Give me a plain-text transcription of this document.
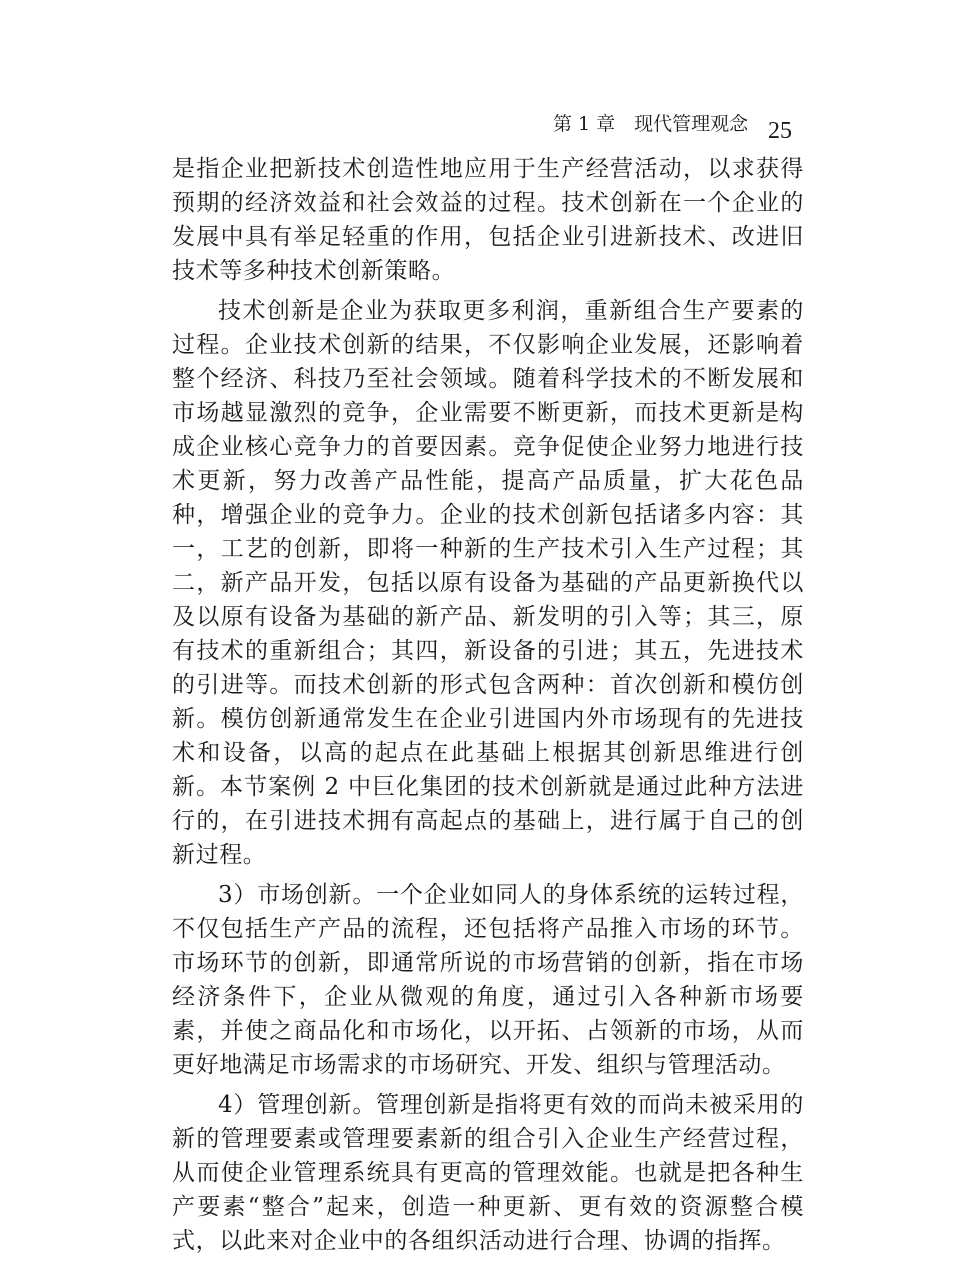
第 1 章　现代管理观念 25

是指企业把新技术创造性地应用于生产经营活动，以求获得预期的经济效益和社会效益的过程。技术创新在一个企业的发展中具有举足轻重的作用，包括企业引进新技术、改进旧技术等多种技术创新策略。

技术创新是企业为获取更多利润，重新组合生产要素的过程。企业技术创新的结果，不仅影响企业发展，还影响着整个经济、科技乃至社会领域。随着科学技术的不断发展和市场越显激烈的竞争，企业需要不断更新，而技术更新是构成企业核心竞争力的首要因素。竞争促使企业努力地进行技术更新，努力改善产品性能，提高产品质量，扩大花色品种，增强企业的竞争力。企业的技术创新包括诸多内容：其一，工艺的创新，即将一种新的生产技术引入生产过程；其二，新产品开发，包括以原有设备为基础的产品更新换代以及以原有设备为基础的新产品、新发明的引入等；其三，原有技术的重新组合；其四，新设备的引进；其五，先进技术的引进等。而技术创新的形式包含两种：首次创新和模仿创新。模仿创新通常发生在企业引进国内外市场现有的先进技术和设备，以高的起点在此基础上根据其创新思维进行创新。本节案例 2 中巨化集团的技术创新就是通过此种方法进行的，在引进技术拥有高起点的基础上，进行属于自己的创新过程。

3）市场创新。一个企业如同人的身体系统的运转过程，不仅包括生产产品的流程，还包括将产品推入市场的环节。市场环节的创新，即通常所说的市场营销的创新，指在市场经济条件下，企业从微观的角度，通过引入各种新市场要素，并使之商品化和市场化，以开拓、占领新的市场，从而更好地满足市场需求的市场研究、开发、组织与管理活动。

4）管理创新。管理创新是指将更有效的而尚未被采用的新的管理要素或管理要素新的组合引入企业生产经营过程，从而使企业管理系统具有更高的管理效能。也就是把各种生产要素“整合”起来，创造一种更新、更有效的资源整合模式，以此来对企业中的各组织活动进行合理、协调的指挥。
